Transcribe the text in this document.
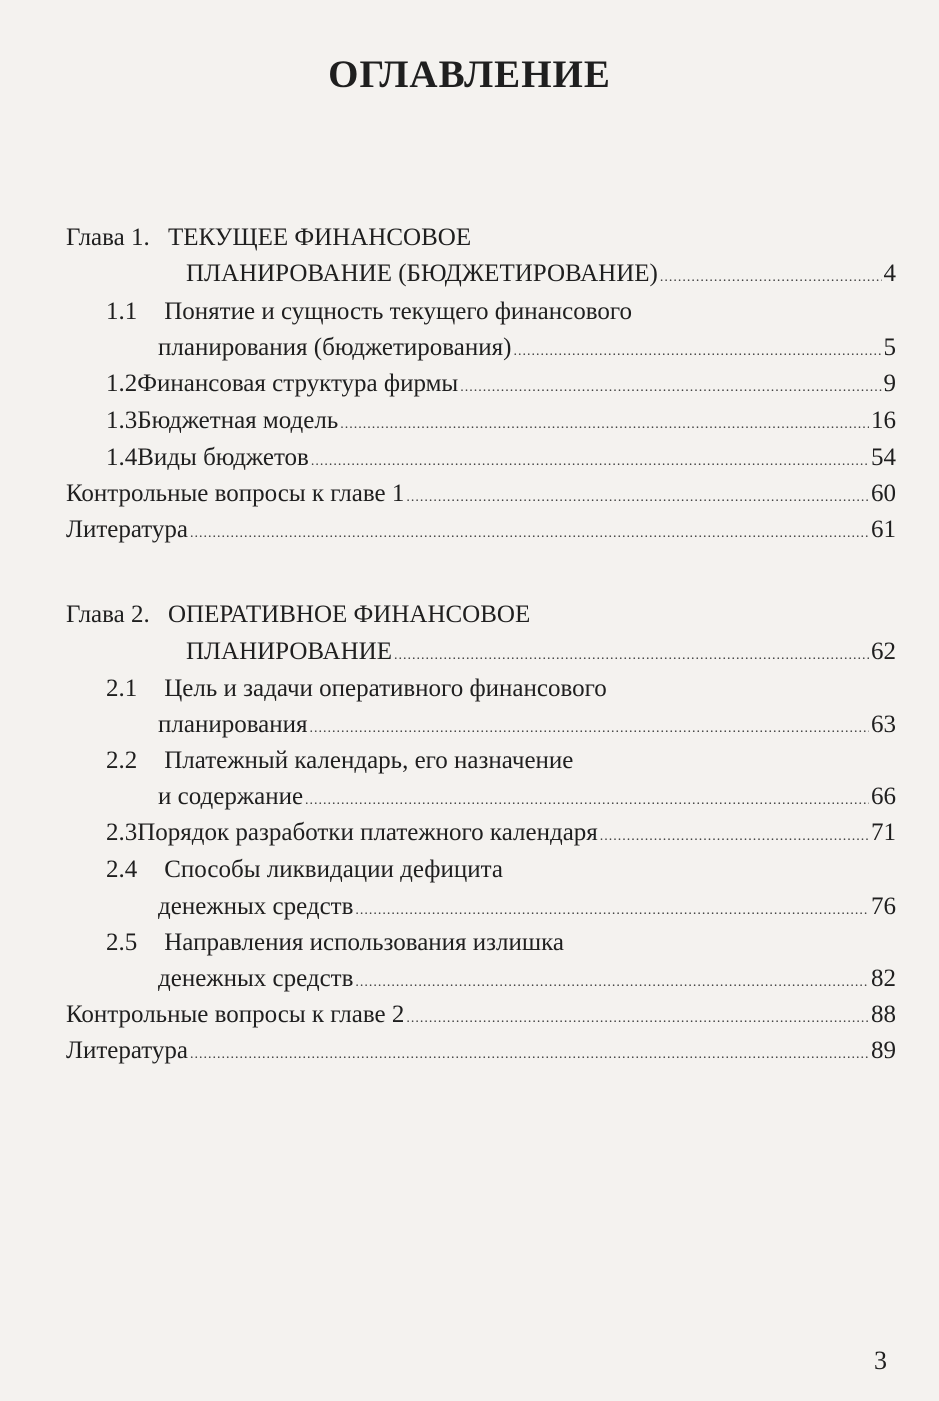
ОГЛАВЛЕНИЕ
Глава 1. ТЕКУЩЕЕ ФИНАНСОВОЕ
ПЛАНИРОВАНИЕ (БЮДЖЕТИРОВАНИЕ) .....	4
1.1 Понятие и сущность текущего финансового
планирования (бюджетирования) .....	5
1.2 Финансовая структура фирмы .....	9
1.3 Бюджетная модель .....	16
1.4 Виды бюджетов .....	54
Контрольные вопросы к главе 1 .....	60
Литература .....	61
Глава 2. ОПЕРАТИВНОЕ ФИНАНСОВОЕ
ПЛАНИРОВАНИЕ .....	62
2.1 Цель и задачи оперативного финансового
планирования .....	63
2.2 Платежный календарь, его назначение
и содержание .....	66
2.3 Порядок разработки платежного календаря .....	71
2.4 Способы ликвидации дефицита
денежных средств .....	76
2.5 Направления использования излишка
денежных средств .....	82
Контрольные вопросы к главе 2 .....	88
Литература .....	89
3
